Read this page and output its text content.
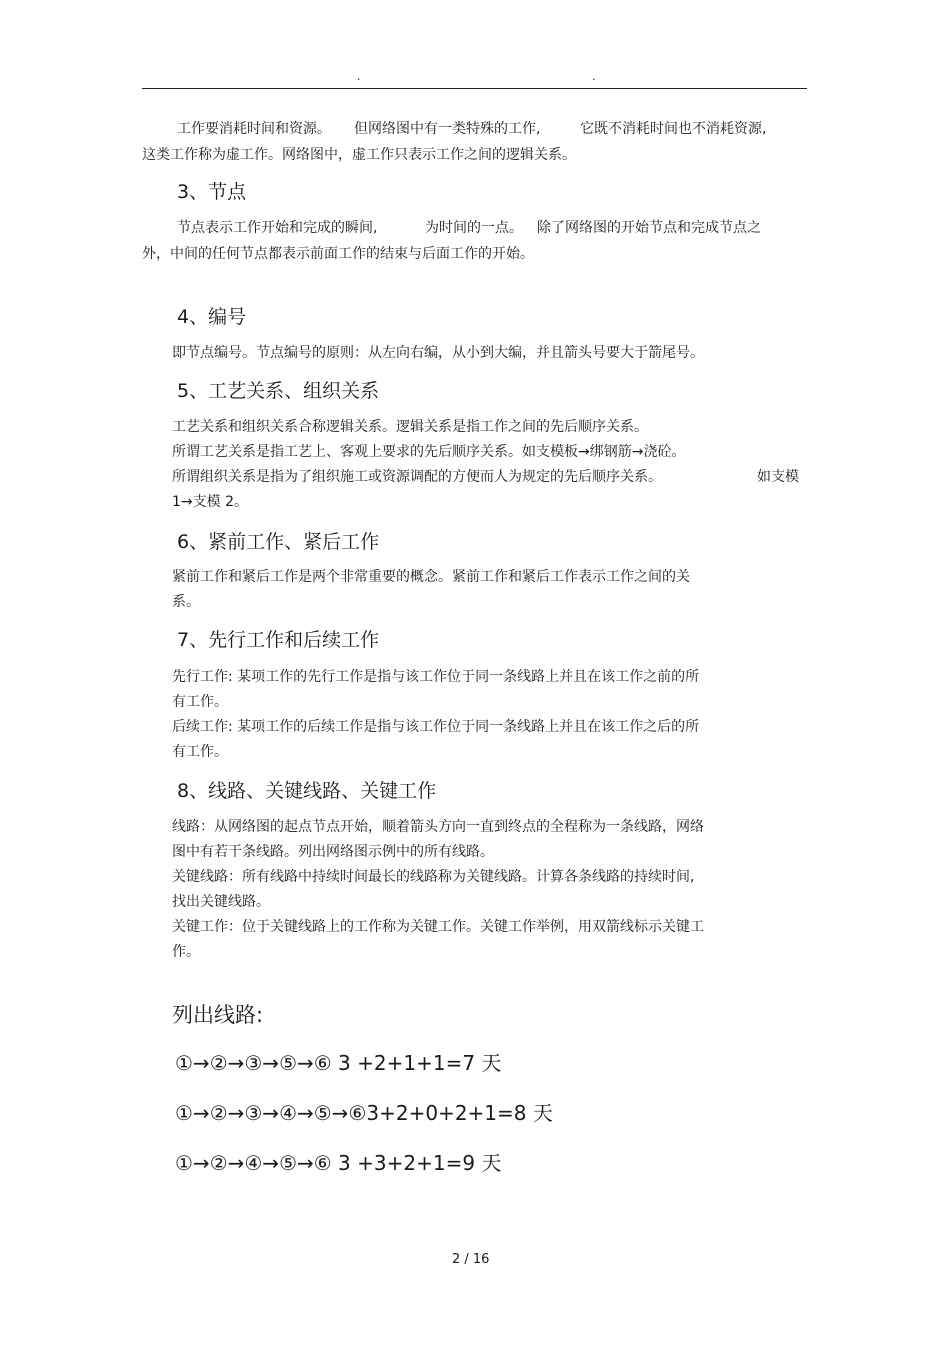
.	.
工作要消耗时间和资源。 但网络图中有一类特殊的工作,	它既不消耗时间也不消耗资源,
这类工作称为虚工作。网络图中，虚工作只表示工作之间的逻辑关系。
3、节点
节点表示工作开始和完成的瞬间,	为时间的一点。 除了网络图的开始节点和完成节点之
外，中间的任何节点都表示前面工作的结束与后面工作的开始。
4、编号
即节点编号。节点编号的原则：从左向右编，从小到大编，并且箭头号要大于箭尾号。
5、工艺关系、组织关系
工艺关系和组织关系合称逻辑关系。逻辑关系是指工作之间的先后顺序关系。
所谓工艺关系是指工艺上、客观上要求的先后顺序关系。如支模板→绑钢筋→浇砼。
所谓组织关系是指为了组织施工或资源调配的方便而人为规定的先后顺序关系。	如支模
1→支模 2。
6、紧前工作、紧后工作
紧前工作和紧后工作是两个非常重要的概念。紧前工作和紧后工作表示工作之间的关
系。
7、先行工作和后续工作
先行工作: 某项工作的先行工作是指与该工作位于同一条线路上并且在该工作之前的所
有工作。
后续工作: 某项工作的后续工作是指与该工作位于同一条线路上并且在该工作之后的所
有工作。
8、线路、关键线路、关键工作
线路：从网络图的起点节点开始，顺着箭头方向一直到终点的全程称为一条线路，网络
图中有若干条线路。列出网络图示例中的所有线路。
关键线路：所有线路中持续时间最长的线路称为关键线路。计算各条线路的持续时间,
找出关键线路。
关键工作：位于关键线路上的工作称为关键工作。关键工作举例，用双箭线标示关键工
作。
列出线路:
①→②→③→⑤→⑥ 3 +2+1+1=7 天
①→②→③→④→⑤→⑥3+2+0+2+1=8 天
①→②→④→⑤→⑥ 3 +3+2+1=9 天
2 / 16
